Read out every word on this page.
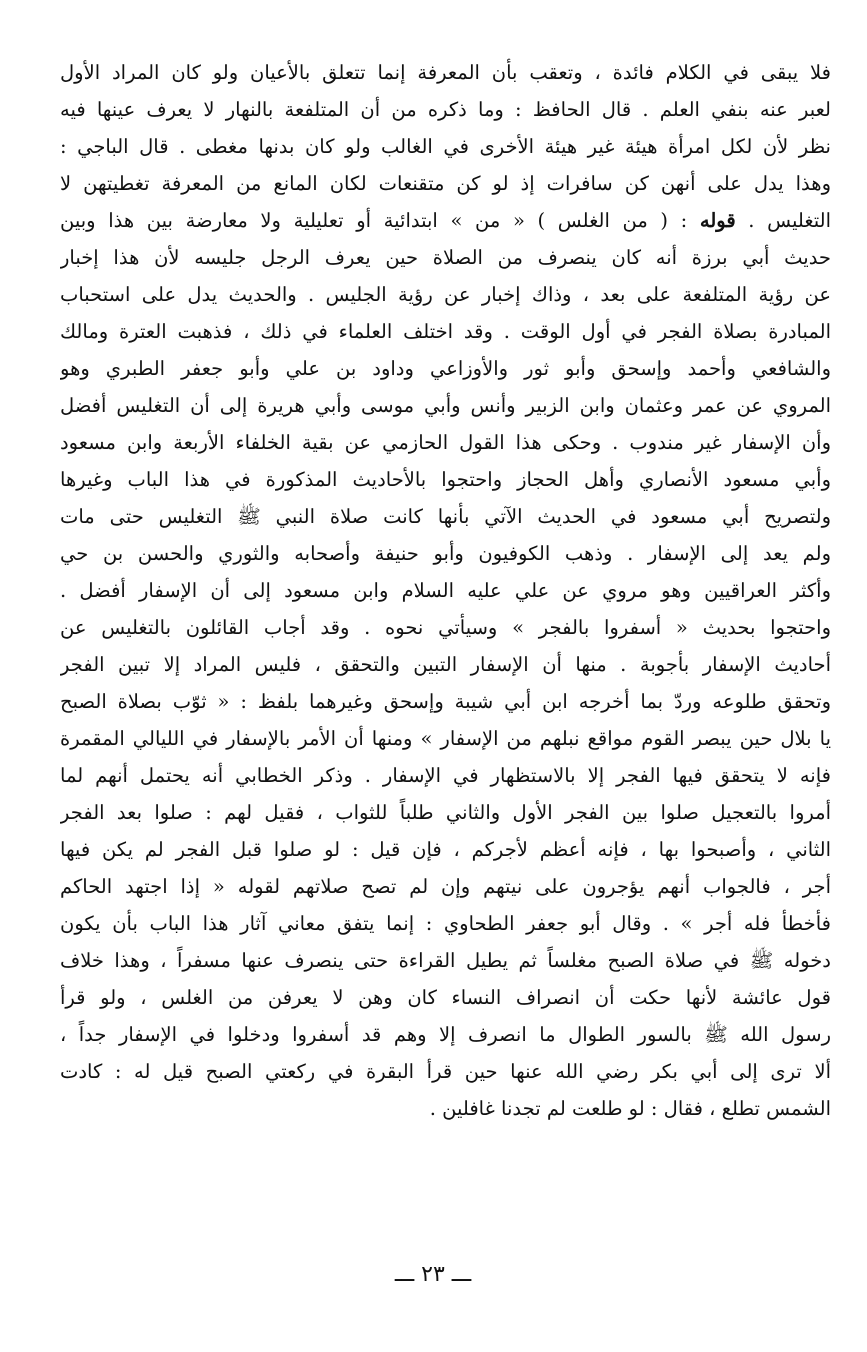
فلا يبقى في الكلام فائدة ، وتعقب بأن المعرفة إنما تتعلق بالأعيان ولو كان المراد الأول
لعبر عنه بنفي العلم . قال الحافظ : وما ذكره من أن المتلفعة بالنهار لا يعرف عينها فيه
نظر لأن لكل امرأة هيئة غير هيئة الأخرى في الغالب ولو كان بدنها مغطى . قال الباجي :
وهذا يدل على أنهن كن سافرات إذ لو كن متقنعات لكان المانع من المعرفة تغطيتهن لا
التغليس . قوله : ( من الغلس ) « من » ابتدائية أو تعليلية ولا معارضة بين هذا وبين
حديث أبي برزة أنه كان ينصرف من الصلاة حين يعرف الرجل جليسه لأن هذا إخبار
عن رؤية المتلفعة على بعد ، وذاك إخبار عن رؤية الجليس . والحديث يدل على استحباب
المبادرة بصلاة الفجر في أول الوقت . وقد اختلف العلماء في ذلك ، فذهبت العترة ومالك
والشافعي وأحمد وإسحق وأبو ثور والأوزاعي وداود بن علي وأبو جعفر الطبري وهو
المروي عن عمر وعثمان وابن الزبير وأنس وأبي موسى وأبي هريرة إلى أن التغليس أفضل
وأن الإسفار غير مندوب . وحكى هذا القول الحازمي عن بقية الخلفاء الأربعة وابن مسعود
وأبي مسعود الأنصاري وأهل الحجاز واحتجوا بالأحاديث المذكورة في هذا الباب وغيرها
ولتصريح أبي مسعود في الحديث الآتي بأنها كانت صلاة النبي ﷺ التغليس حتى مات
ولم يعد إلى الإسفار . وذهب الكوفيون وأبو حنيفة وأصحابه والثوري والحسن بن حي
وأكثر العراقيين وهو مروي عن علي عليه السلام وابن مسعود إلى أن الإسفار أفضل .
واحتجوا بحديث « أسفروا بالفجر » وسيأتي نحوه . وقد أجاب القائلون بالتغليس عن
أحاديث الإسفار بأجوبة . منها أن الإسفار التبين والتحقق ، فليس المراد إلا تبين الفجر
وتحقق طلوعه وردّ بما أخرجه ابن أبي شيبة وإسحق وغيرهما بلفظ : « ثوّب بصلاة الصبح
يا بلال حين يبصر القوم مواقع نبلهم من الإسفار » ومنها أن الأمر بالإسفار في الليالي المقمرة
فإنه لا يتحقق فيها الفجر إلا بالاستظهار في الإسفار . وذكر الخطابي أنه يحتمل أنهم لما
أمروا بالتعجيل صلوا بين الفجر الأول والثاني طلباً للثواب ، فقيل لهم : صلوا بعد الفجر
الثاني ، وأصبحوا بها ، فإنه أعظم لأجركم ، فإن قيل : لو صلوا قبل الفجر لم يكن فيها
أجر ، فالجواب أنهم يؤجرون على نيتهم وإن لم تصح صلاتهم لقوله « إذا اجتهد الحاكم
فأخطأ فله أجر » . وقال أبو جعفر الطحاوي : إنما يتفق معاني آثار هذا الباب بأن يكون
دخوله ﷺ في صلاة الصبح مغلساً ثم يطيل القراءة حتى ينصرف عنها مسفراً ، وهذا خلاف
قول عائشة لأنها حكت أن انصراف النساء كان وهن لا يعرفن من الغلس ، ولو قرأ
رسول الله ﷺ بالسور الطوال ما انصرف إلا وهم قد أسفروا ودخلوا في الإسفار جداً ،
ألا ترى إلى أبي بكر رضي الله عنها حين قرأ البقرة في ركعتي الصبح قيل له : كادت
الشمس تطلع ، فقال : لو طلعت لم تجدنا غافلين .
ـــ ٢٣ ـــ
